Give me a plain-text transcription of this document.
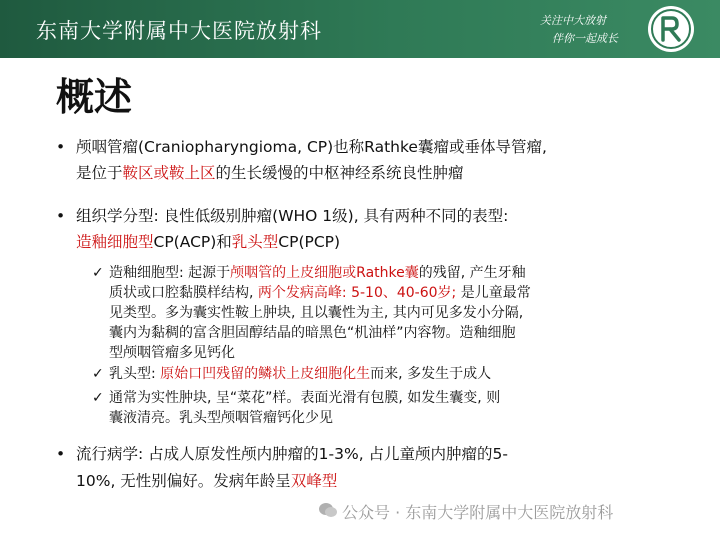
东南大学附属中大医院放射科	关注中大放射
伴你一起成长
概述
• 颅咽管瘤(Craniopharyngioma, CP)也称Rathke囊瘤或垂体导管瘤,
是位于鞍区或鞍上区的生长缓慢的中枢神经系统良性肿瘤
• 组织学分型: 良性低级别肿瘤(WHO 1级), 具有两种不同的表型:
造釉细胞型CP(ACP)和乳头型CP(PCP)
✓ 造釉细胞型: 起源于颅咽管的上皮细胞或Rathke囊的残留, 产生牙釉
质状或口腔黏膜样结构, 两个发病高峰: 5-10、40-60岁; 是儿童最常
见类型。多为囊实性鞍上肿块, 且以囊性为主, 其内可见多发小分隔,
囊内为黏稠的富含胆固醇结晶的暗黑色“机油样”内容物。造釉细胞
型颅咽管瘤多见钙化
✓ 乳头型: 原始口凹残留的鳞状上皮细胞化生而来, 多发生于成人
✓ 通常为实性肿块, 呈“菜花”样。表面光滑有包膜, 如发生囊变, 则
囊液清亮。乳头型颅咽管瘤钙化少见
• 流行病学: 占成人原发性颅内肿瘤的1-3%, 占儿童颅内肿瘤的5-
10%, 无性别偏好。发病年龄呈双峰型
公众号 · 东南大学附属中大医院放射科
